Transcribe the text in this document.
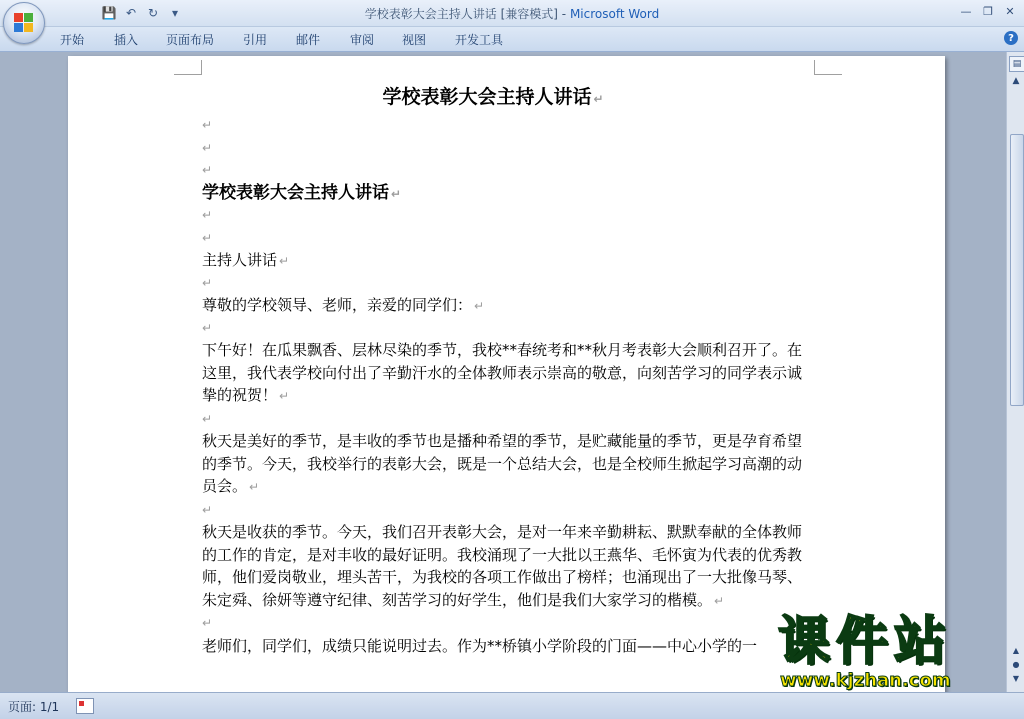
💾 ↶ ↻	▾	学校表彰大会主持人讲话 [兼容模式] - Microsoft Word	—	❐	✕
开始 插入 页面布局 引用 邮件 审阅 视图 开发工具	?
学校表彰大会主持人讲话 ↵
↵
↵
↵
学校表彰大会主持人讲话 ↵
↵
↵
主持人讲话 ↵
↵
尊敬的学校领导、老师，亲爱的同学们： ↵
↵
下午好！在瓜果飘香、层林尽染的季节，我校**春统考和**秋月考表彰大会顺利召开了。在这里，我代表学校向付出了辛勤汗水的全体教师表示崇高的敬意，向刻苦学习的同学表示诚挚的祝贺！ ↵
↵
秋天是美好的季节，是丰收的季节也是播种希望的季节，是贮藏能量的季节，更是孕育希望的季节。今天，我校举行的表彰大会，既是一个总结大会，也是全校师生掀起学习高潮的动员会。 ↵
↵
秋天是收获的季节。今天，我们召开表彰大会，是对一年来辛勤耕耘、默默奉献的全体教师的工作的肯定，是对丰收的最好证明。我校涌现了一大批以王燕华、毛怀寅为代表的优秀教师，他们爱岗敬业，埋头苦干，为我校的各项工作做出了榜样；也涌现出了一大批像马琴、朱定舜、徐妍等遵守纪律、刻苦学习的好学生，他们是我们大家学习的楷模。 ↵
↵
老师们，同学们，成绩只能说明过去。作为**桥镇小学阶段的门面——中心小学的一
▤
▲
▲
●
▼
页面: 1/1
课件站
www.kjzhan.com
